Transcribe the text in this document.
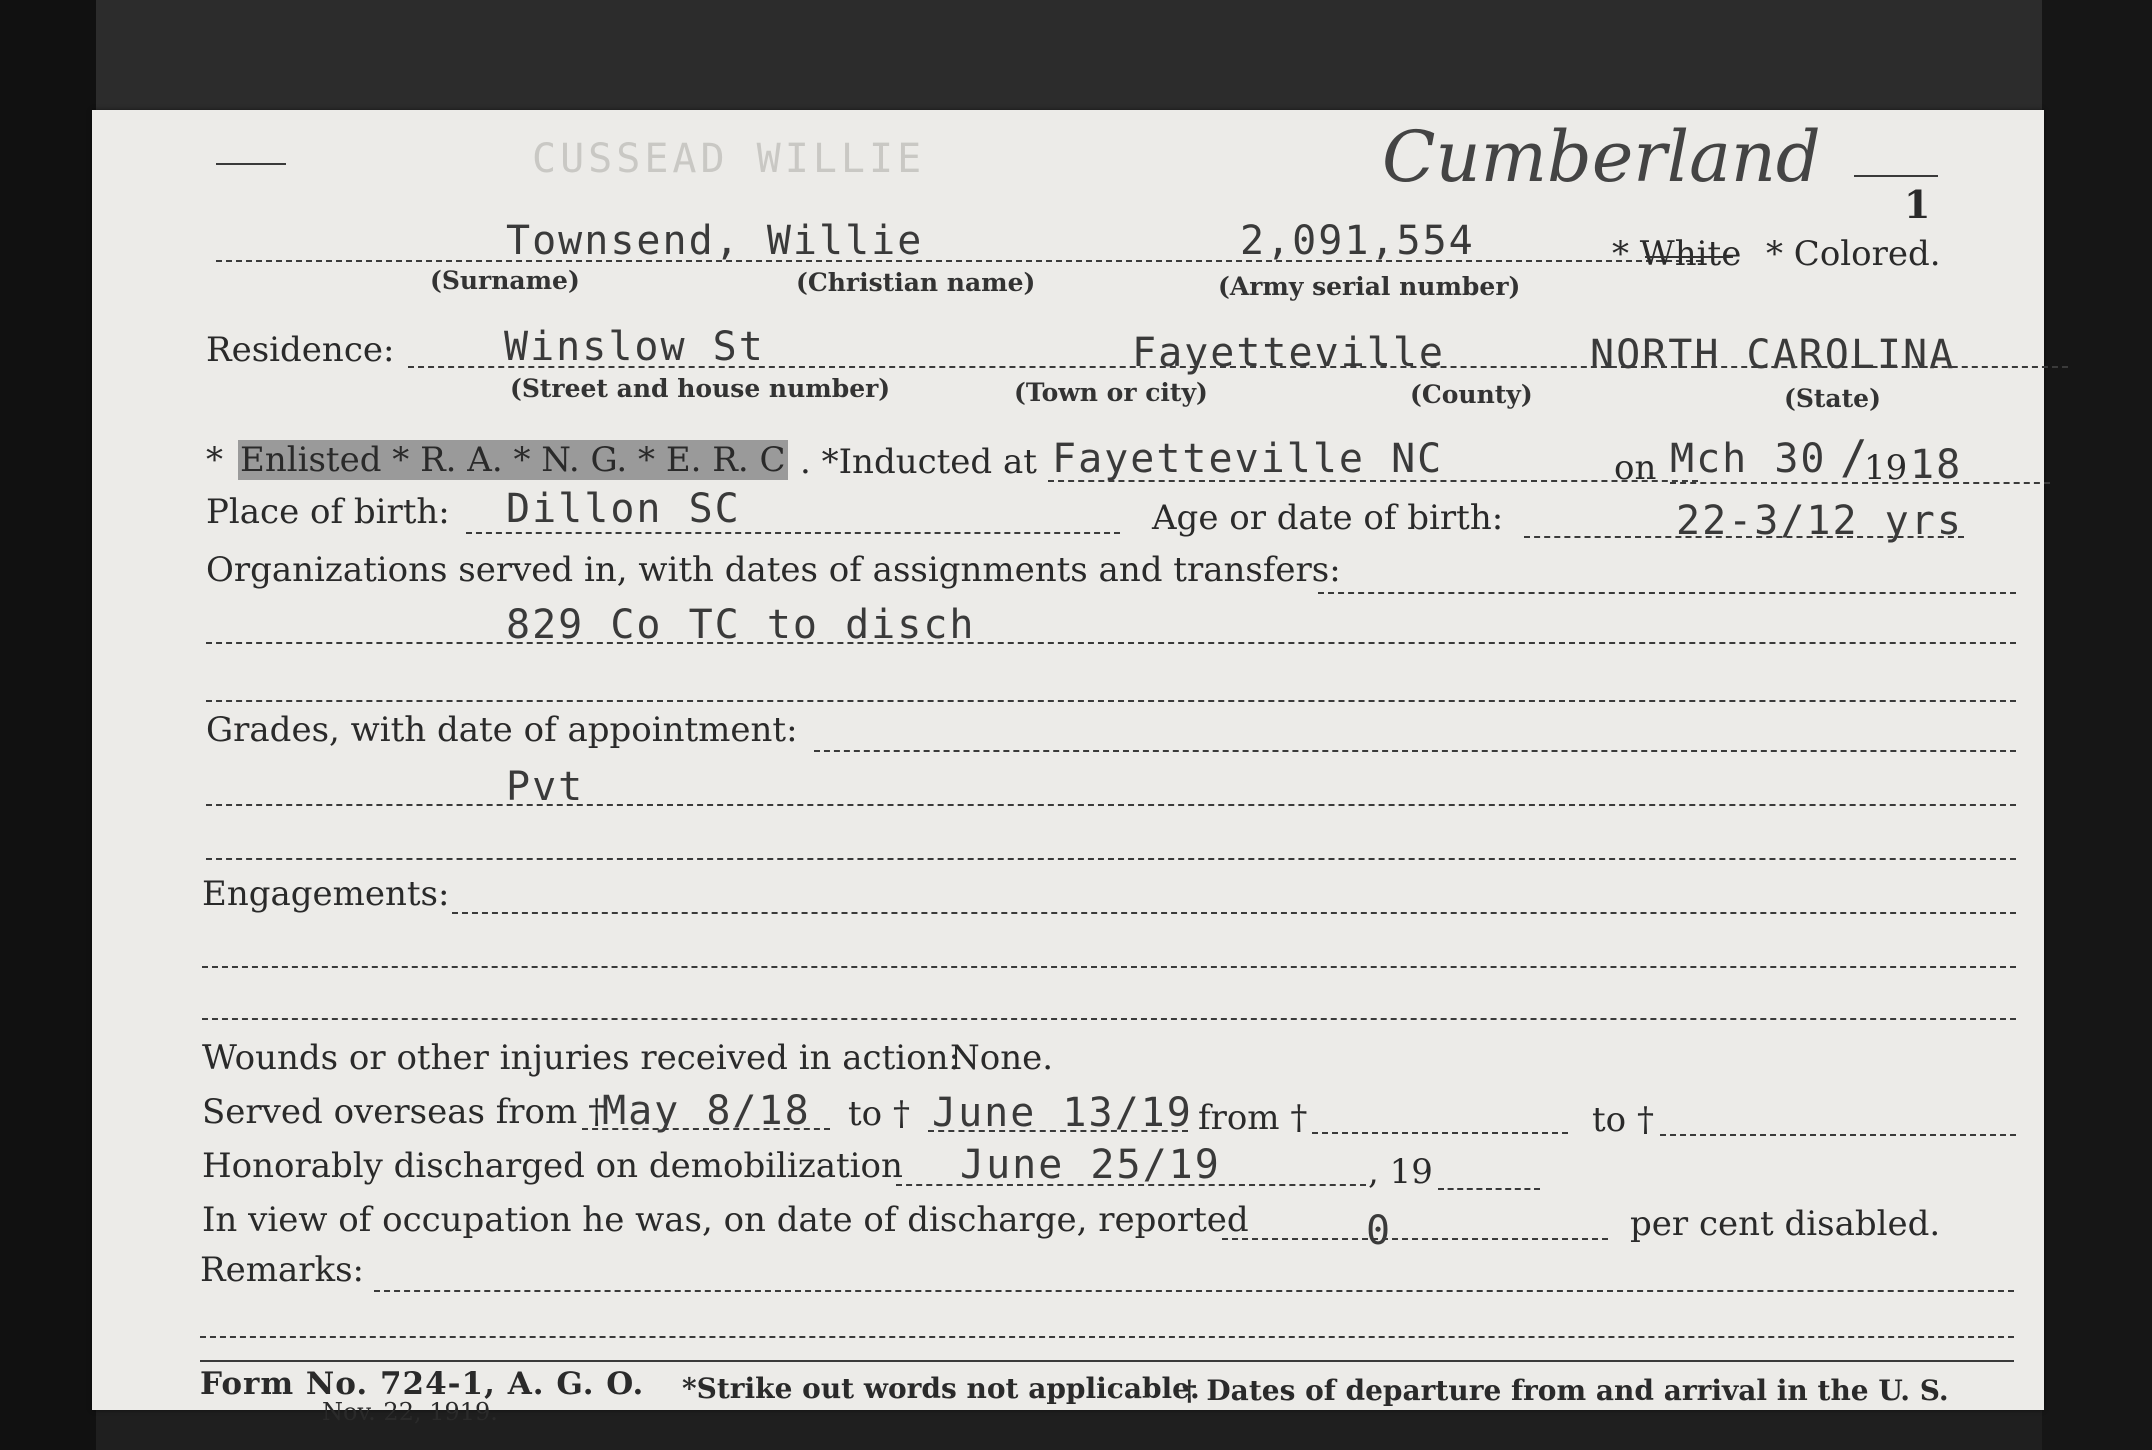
CUSSEAD WILLIE	Cumberland
1
Townsend, Willie	2,091,554	* White * Colored.
(Surname)	(Christian name)	(Army serial number)
Residence:	Winslow St	Fayetteville	NORTH CAROLINA
(Street and house number)	(Town or city)	(County)	(State)
* Enlisted * R. A. * N. G. * E. R. C . *Inducted at Fayetteville NC	on Mch 30 /
19 18
Place of birth: Dillon SC	Age or date of birth:	22-3/12 yrs
Organizations served in, with dates of assignments and transfers:
829 Co TC to disch
Grades, with date of appointment:
Pvt
Engagements:
Wounds or other injuries received in action:
None.
Served overseas from †
May 8/18 to † June 13/19 from †	to †
Honorably discharged on demobilization June 25/19	, 19
In view of occupation he was, on date of discharge, reported	0	per cent disabled.
Remarks:
Form No. 724-1, A. G. O.
Nov. 22, 1919.
*Strike out words not applicable.
† Dates of departure from and arrival in the U. S.
